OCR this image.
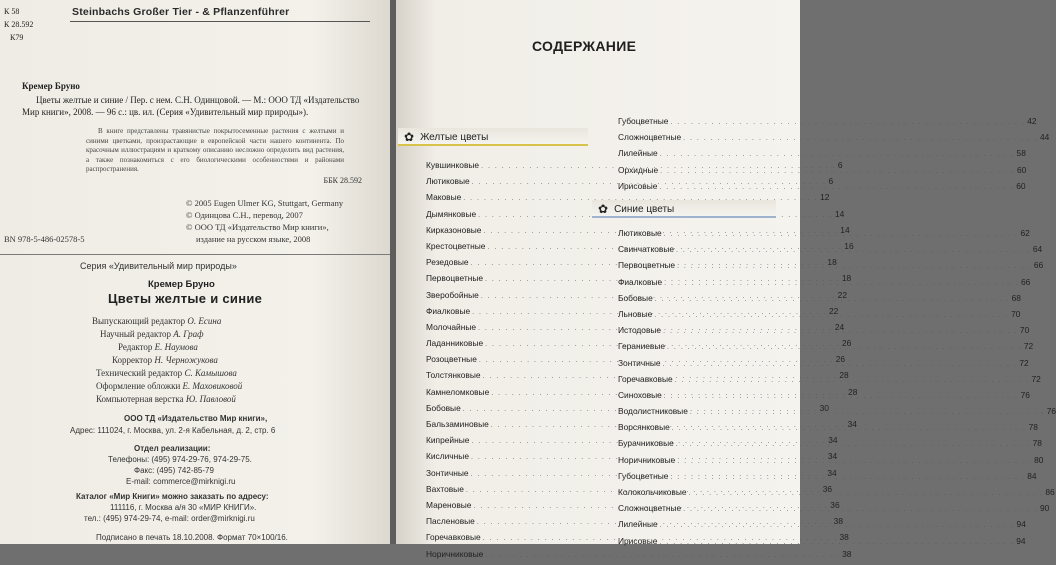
К 58
К 28.592
К79
Steinbachs Großer Tier - & Pflanzenführer
Кремер Бруно
Цветы желтые и синие / Пер. с нем. С.Н. Одинцовой. — М.: ООО ТД «Издательство Мир книги», 2008. — 96 с.: цв. ил. (Серия «Удивительный мир природы»).
В книге представлены травянистые покрытосеменные растения с желтыми и синими цветками, произрастающие в европейской части нашего континента. По красочным иллюстрациям и краткому описанию несложно определить вид растения, а также познакомиться с его биологическими особенностями и районами распространения.
ББК 28.592
© 2005 Eugen Ulmer KG, Stuttgart, Germany
© Одинцова С.Н., перевод, 2007
© ООО ТД «Издательство Мир книги»,
издание на русском языке, 2008
BN 978-5-486-02578-5
Серия «Удивительный мир природы»
Кремер Бруно
Цветы желтые и синие
Выпускающий редактор О. Есина
Научный редактор А. Граф
Редактор Е. Наумова
Корректор Н. Черножукова
Технический редактор С. Камышова
Оформление обложки Е. Маховиковой
Компьютерная верстка Ю. Павловой
ООО ТД «Издательство Мир книги»,
Адрес: 111024, г. Москва, ул. 2-я Кабельная, д. 2, стр. 6
Отдел реализации:
Телефоны: (495) 974-29-76, 974-29-75.
Факс: (495) 742-85-79
E-mail: commerce@mirknigi.ru
Каталог «Мир Книги» можно заказать по адресу:
111116, г. Москва а/я 30 «МИР КНИГИ».
тел.: (495) 974-29-74, e-mail: order@mirknigi.ru
Подписано в печать 18.10.2008. Формат 70×100/16.
СОДЕРЖАНИЕ
✿ Желтые цветы
Кувшинковые . . .	6
Лютиковые . . .	6
Маковые . . .	12
Дымянковые . . .	14
Кирказоновые . . .	14
Крестоцветные . . .	16
Резедовые . . .	18
Первоцветные . . .	18
Зверобойные . . .	22
Фиалковые . . .	22
Молочайные . . .	24
Ладанниковые . . .	26
Розоцветные . . .	26
Толстянковые . . .	28
Камнеломковые . . .	28
Бобовые . . .	30
Бальзаминовые . . .	34
Кипрейные . . .	34
Кисличные . . .	34
Зонтичные . . .	34
Вахтовые . . .	36
Мареновые . . .	36
Пасленовые . . .	38
Горечавковые . . .	38
Норичниковые . . .	38
Губоцветные . . .	42
Сложноцветные . . .	44
Лилейные . . .	58
Орхидные . . .	60
Ирисовые . . .	60
✿ Синие цветы
Лютиковые . . .	62
Свинчатковые . . .	64
Первоцветные . . .	66
Фиалковые . . .	66
Бобовые . . .	68
Льновые . . .	70
Истодовые . . .	70
Гераниевые . . .	72
Зонтичные . . .	72
Горечавковые . . .	72
Синоховые . . .	76
Водолистниковые . . .	76
Ворсянковые . . .	78
Бурачниковые . . .	78
Норичниковые . . .	80
Губоцветные . . .	84
Колокольчиковые . . .	86
Сложноцветные . . .	90
Лилейные . . .	94
Ирисовые . . .	94
